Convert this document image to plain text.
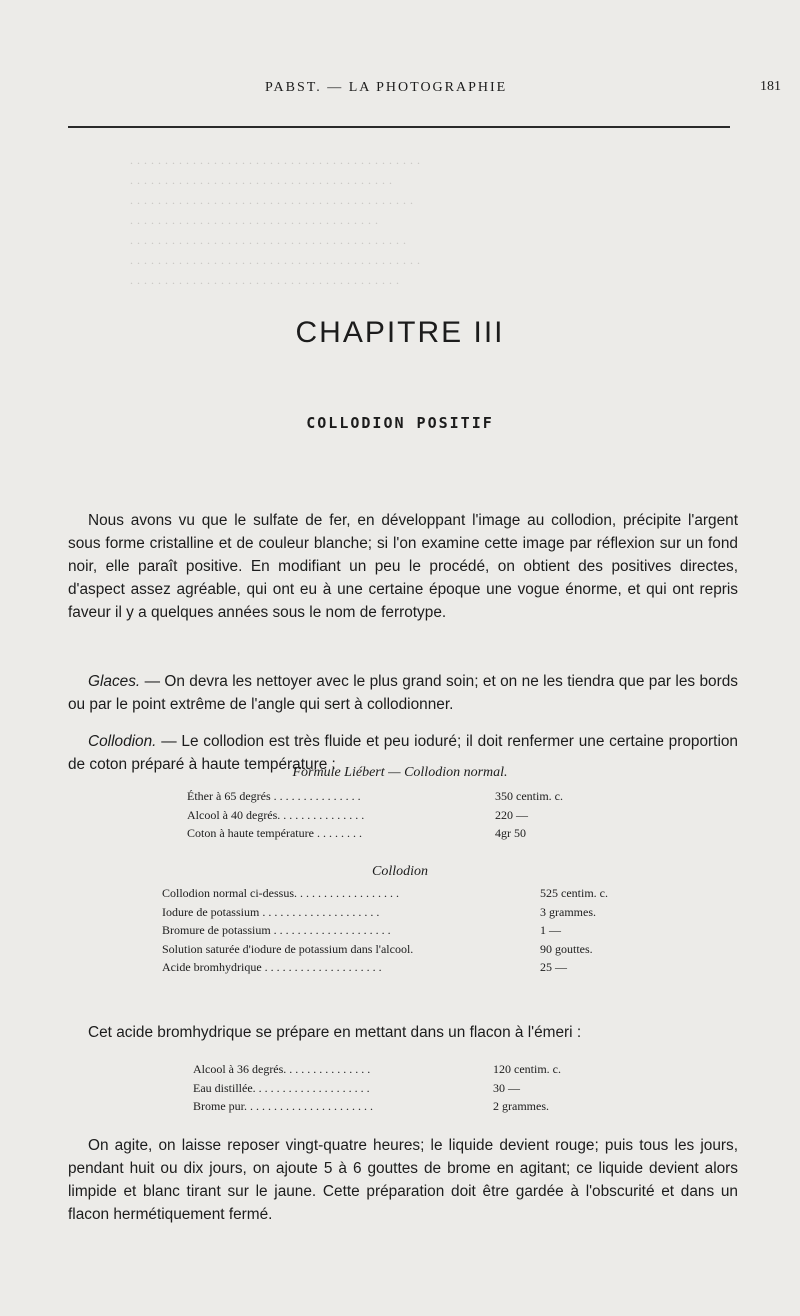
. . . . . . . . . . . . . . . . . . . . . . . . . . . . . . . . . . . . . . . . . .
. . . . . . . . . . . . . . . . . . . . . . . . . . . . . . . . . . . . . .
. . . . . . . . . . . . . . . . . . . . . . . . . . . . . . . . . . . . . . . . .
. . . . . . . . . . . . . . . . . . . . . . . . . . . . . . . . . . . .
. . . . . . . . . . . . . . . . . . . . . . . . . . . . . . . . . . . . . . . .
. . . . . . . . . . . . . . . . . . . . . . . . . . . . . . . . . . . . . . . . . .
. . . . . . . . . . . . . . . . . . . . . . . . . . . . . . . . . . . . . . .
PABST. — LA PHOTOGRAPHIE	181
CHAPITRE III
COLLODION POSITIF

Nous avons vu que le sulfate de fer, en développant l'image au collodion, précipite l'argent sous forme cristalline et de couleur blanche; si l'on examine cette image par réflexion sur un fond noir, elle paraît positive. En modifiant un peu le procédé, on obtient des positives directes, d'aspect assez agréable, qui ont eu à une certaine époque une vogue énorme, et qui ont repris faveur il y a quelques années sous le nom de ferrotype.

Glaces. — On devra les nettoyer avec le plus grand soin; et on ne les tiendra que par les bords ou par le point extrême de l'angle qui sert à collodionner.

Collodion. — Le collodion est très fluide et peu ioduré; il doit renfermer une certaine proportion de coton préparé à haute température :

Formule Liébert — Collodion normal.
Éther à 65 degrés . . . . . . . . . . . . . . .	350 centim. c.
Alcool à 40 degrés. . . . . . . . . . . . . . .	220 —
Coton à haute température . . . . . . . .	4gr 50
Collodion
Collodion normal ci-dessus. . . . . . . . . . . . . . . . . .	525 centim. c.
Iodure de potassium . . . . . . . . . . . . . . . . . . . .	3 grammes.
Bromure de potassium . . . . . . . . . . . . . . . . . . . .	1 —
Solution saturée d'iodure de potassium dans l'alcool.	90 gouttes.
Acide bromhydrique . . . . . . . . . . . . . . . . . . . .	25 —

Cet acide bromhydrique se prépare en mettant dans un flacon à l'émeri :

Alcool à 36 degrés. . . . . . . . . . . . . . .	120 centim. c.
Eau distillée. . . . . . . . . . . . . . . . . . . .	30 —
Brome pur. . . . . . . . . . . . . . . . . . . . . .	2 grammes.

On agite, on laisse reposer vingt-quatre heures; le liquide devient rouge; puis tous les jours, pendant huit ou dix jours, on ajoute 5 à 6 gouttes de brome en agitant; ce liquide devient alors limpide et blanc tirant sur le jaune. Cette préparation doit être gardée à l'obscurité et dans un flacon hermétiquement fermé.
